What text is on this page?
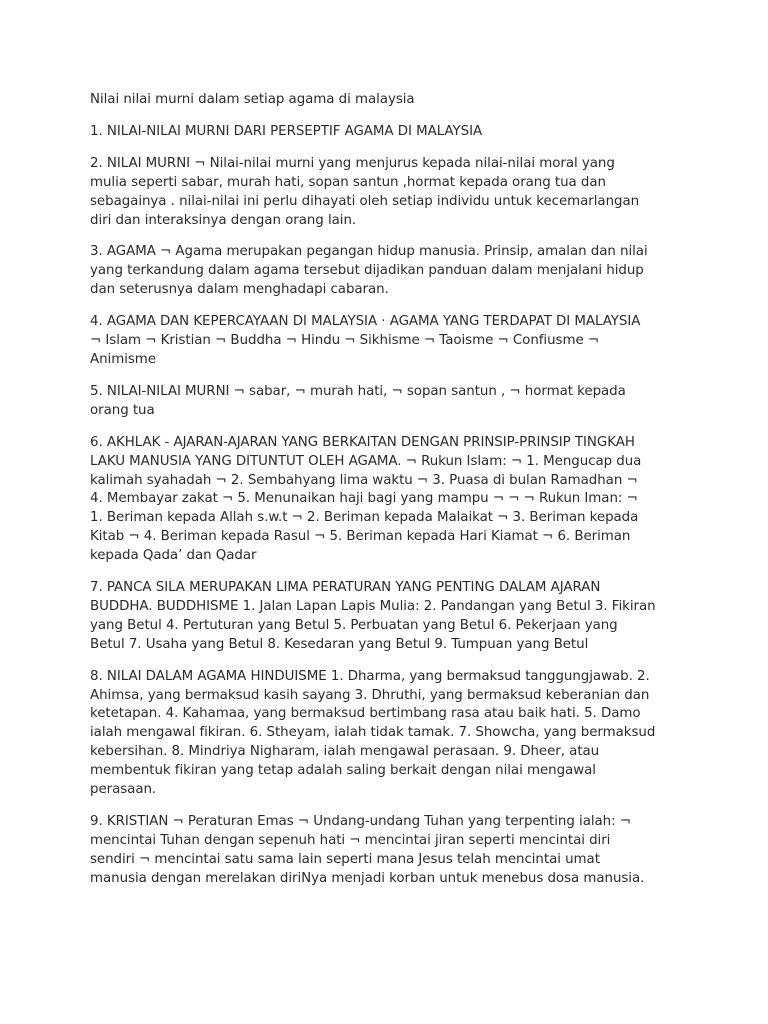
Nilai nilai murni dalam setiap agama di malaysia

1. NILAI-NILAI MURNI DARI PERSEPTIF AGAMA DI MALAYSIA

2. NILAI MURNI ¬ Nilai-nilai murni yang menjurus kepada nilai-nilai moral yang
mulia seperti sabar, murah hati, sopan santun ,hormat kepada orang tua dan
sebagainya . nilai-nilai ini perlu dihayati oleh setiap individu untuk kecemarlangan
diri dan interaksinya dengan orang lain.

3. AGAMA ¬ Agama merupakan pegangan hidup manusia. Prinsip, amalan dan nilai
yang terkandung dalam agama tersebut dijadikan panduan dalam menjalani hidup
dan seterusnya dalam menghadapi cabaran.

4. AGAMA DAN KEPERCAYAAN DI MALAYSIA · AGAMA YANG TERDAPAT DI MALAYSIA
¬ Islam ¬ Kristian ¬ Buddha ¬ Hindu ¬ Sikhisme ¬ Taoisme ¬ Confiusme ¬
Animisme

5. NILAI-NILAI MURNI ¬ sabar, ¬ murah hati, ¬ sopan santun , ¬ hormat kepada
orang tua

6. AKHLAK - AJARAN-AJARAN YANG BERKAITAN DENGAN PRINSIP-PRINSIP TINGKAH
LAKU MANUSIA YANG DITUNTUT OLEH AGAMA. ¬ Rukun Islam: ¬ 1. Mengucap dua
kalimah syahadah ¬ 2. Sembahyang lima waktu ¬ 3. Puasa di bulan Ramadhan ¬
4. Membayar zakat ¬ 5. Menunaikan haji bagi yang mampu ¬ ¬ ¬ Rukun Iman: ¬
1. Beriman kepada Allah s.w.t ¬ 2. Beriman kepada Malaikat ¬ 3. Beriman kepada
Kitab ¬ 4. Beriman kepada Rasul ¬ 5. Beriman kepada Hari Kiamat ¬ 6. Beriman
kepada Qada’ dan Qadar

7. PANCA SILA MERUPAKAN LIMA PERATURAN YANG PENTING DALAM AJARAN
BUDDHA. BUDDHISME 1. Jalan Lapan Lapis Mulia: 2. Pandangan yang Betul 3. Fikiran
yang Betul 4. Pertuturan yang Betul 5. Perbuatan yang Betul 6. Pekerjaan yang
Betul 7. Usaha yang Betul 8. Kesedaran yang Betul 9. Tumpuan yang Betul

8. NILAI DALAM AGAMA HINDUISME 1. Dharma, yang bermaksud tanggungjawab. 2.
Ahimsa, yang bermaksud kasih sayang 3. Dhruthi, yang bermaksud keberanian dan
ketetapan. 4. Kahamaa, yang bermaksud bertimbang rasa atau baik hati. 5. Damo
ialah mengawal fikiran. 6. Stheyam, ialah tidak tamak. 7. Showcha, yang bermaksud
kebersihan. 8. Mindriya Nigharam, ialah mengawal perasaan. 9. Dheer, atau
membentuk fikiran yang tetap adalah saling berkait dengan nilai mengawal
perasaan.

9. KRISTIAN ¬ Peraturan Emas ¬ Undang-undang Tuhan yang terpenting ialah: ¬
mencintai Tuhan dengan sepenuh hati ¬ mencintai jiran seperti mencintai diri
sendiri ¬ mencintai satu sama lain seperti mana Jesus telah mencintai umat
manusia dengan merelakan diriNya menjadi korban untuk menebus dosa manusia.
